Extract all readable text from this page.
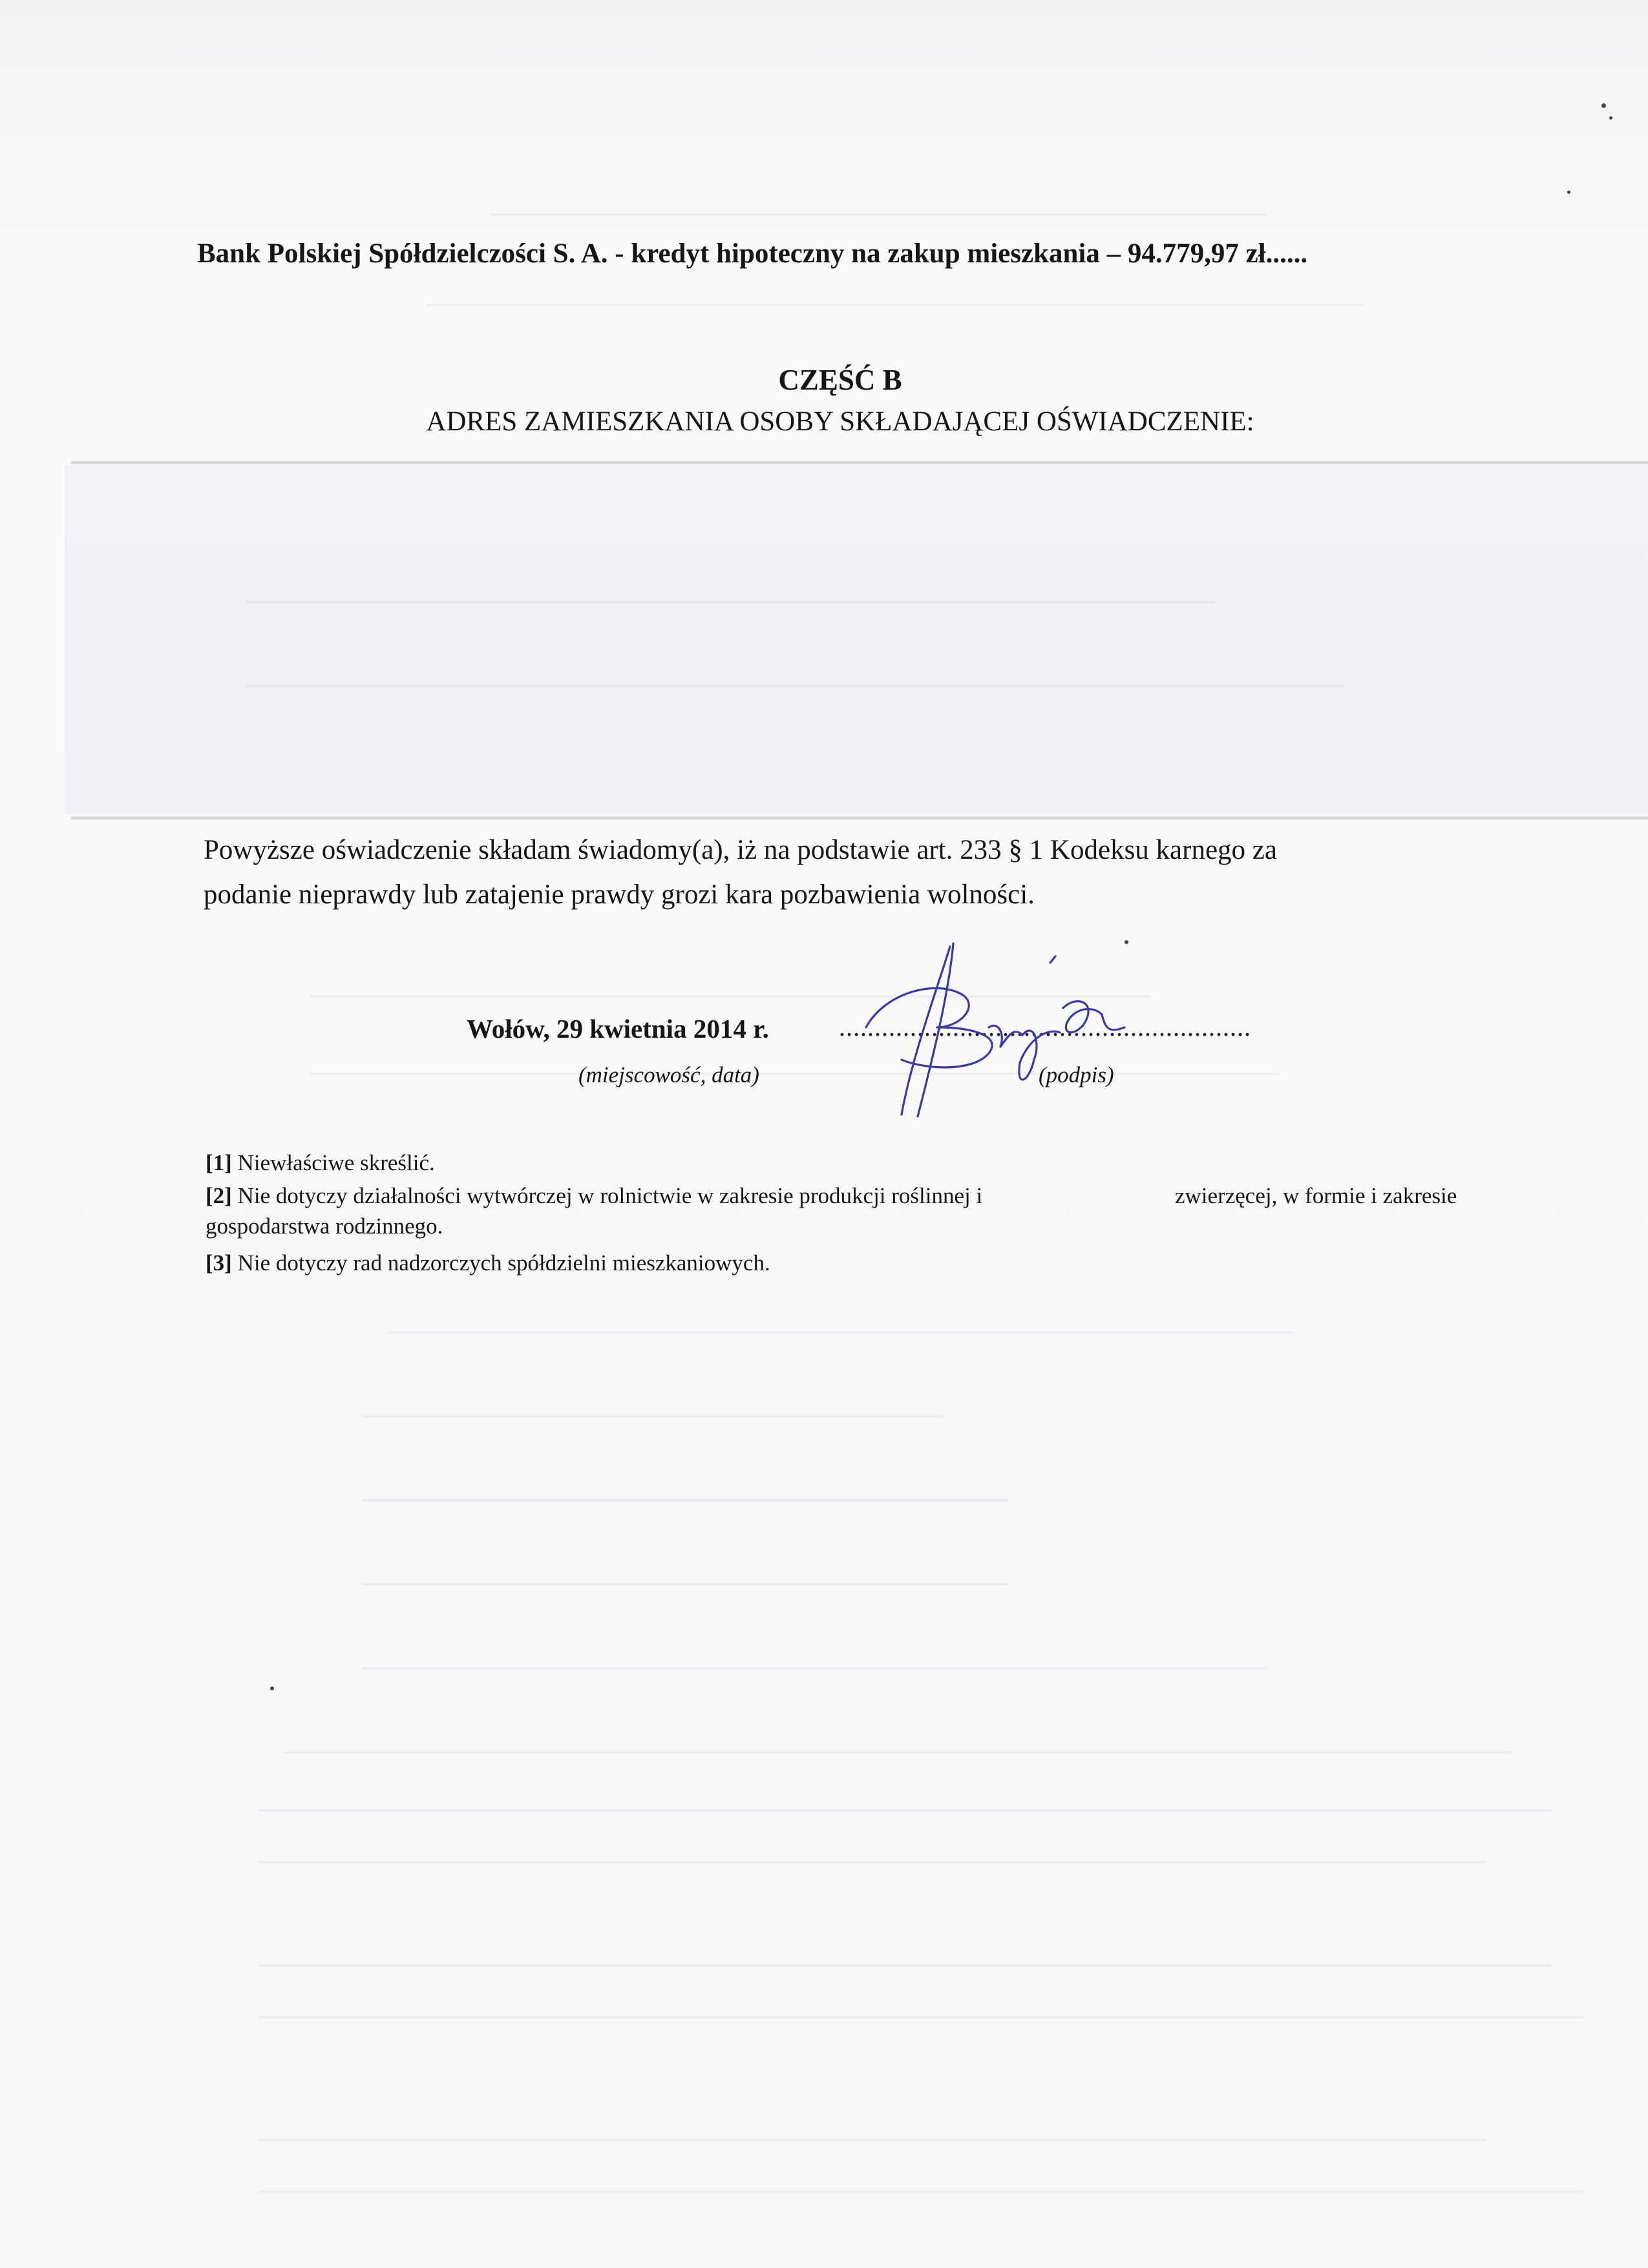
Bank Polskiej Spółdzielczości S. A. - kredyt hipoteczny na zakup mieszkania – 94.779,97 zł......
CZĘŚĆ B
ADRES ZAMIESZKANIA OSOBY SKŁADAJĄCEJ OŚWIADCZENIE:
Powyższe oświadczenie składam świadomy(a), iż na podstawie art. 233 § 1 Kodeksu karnego za
podanie nieprawdy lub zatajenie prawdy grozi kara pozbawienia wolności.
Wołów, 29 kwietnia 2014 r.	..........................................................
(miejscowość, data)	(podpis)
[1] Niewłaściwe skreślić.
[2] Nie dotyczy działalności wytwórczej w rolnictwie w zakresie produkcji roślinnej i	zwierzęcej, w formie i zakresie
gospodarstwa rodzinnego.
[3] Nie dotyczy rad nadzorczych spółdzielni mieszkaniowych.
